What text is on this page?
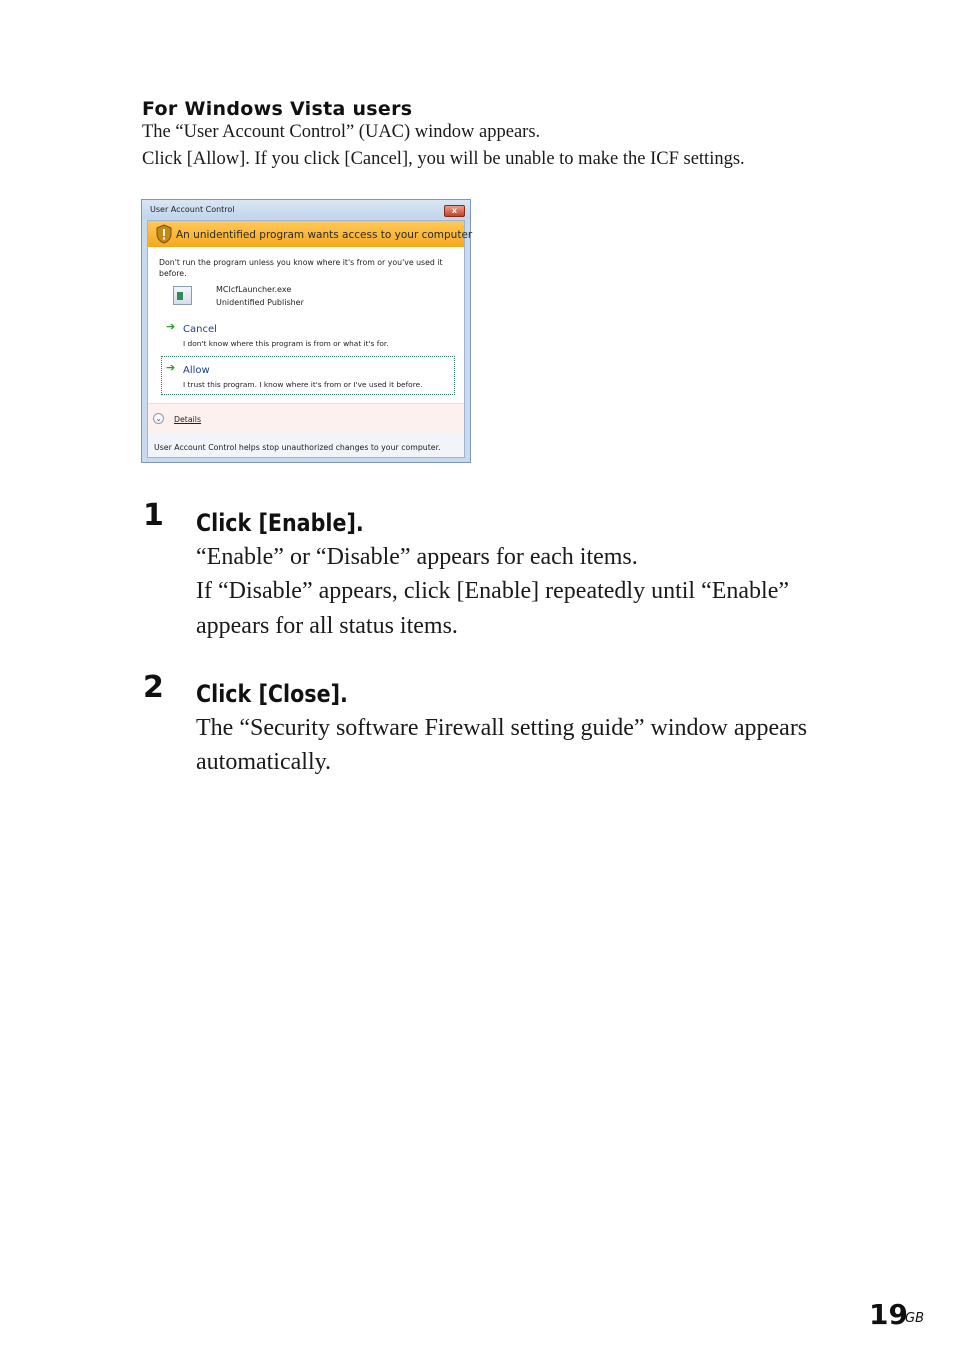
For Windows Vista users
The “User Account Control” (UAC) window appears.
Click [Allow]. If you click [Cancel], you will be unable to make the ICF settings.
User Account Control	x
An unidentified program wants access to your computer
Don't run the program unless you know where it's from or you've used it
before.
MCIcfLauncher.exe
Unidentified Publisher
➔ Cancel
I don't know where this program is from or what it's for.
➔ Allow
I trust this program. I know where it's from or I've used it before.
⌄	Details
User Account Control helps stop unauthorized changes to your computer.
1 Click [Enable].
“Enable” or “Disable” appears for each items.
If “Disable” appears, click [Enable] repeatedly until “Enable”
appears for all status items.
2 Click [Close].
The “Security software Firewall setting guide” window appears
automatically.
19
GB
